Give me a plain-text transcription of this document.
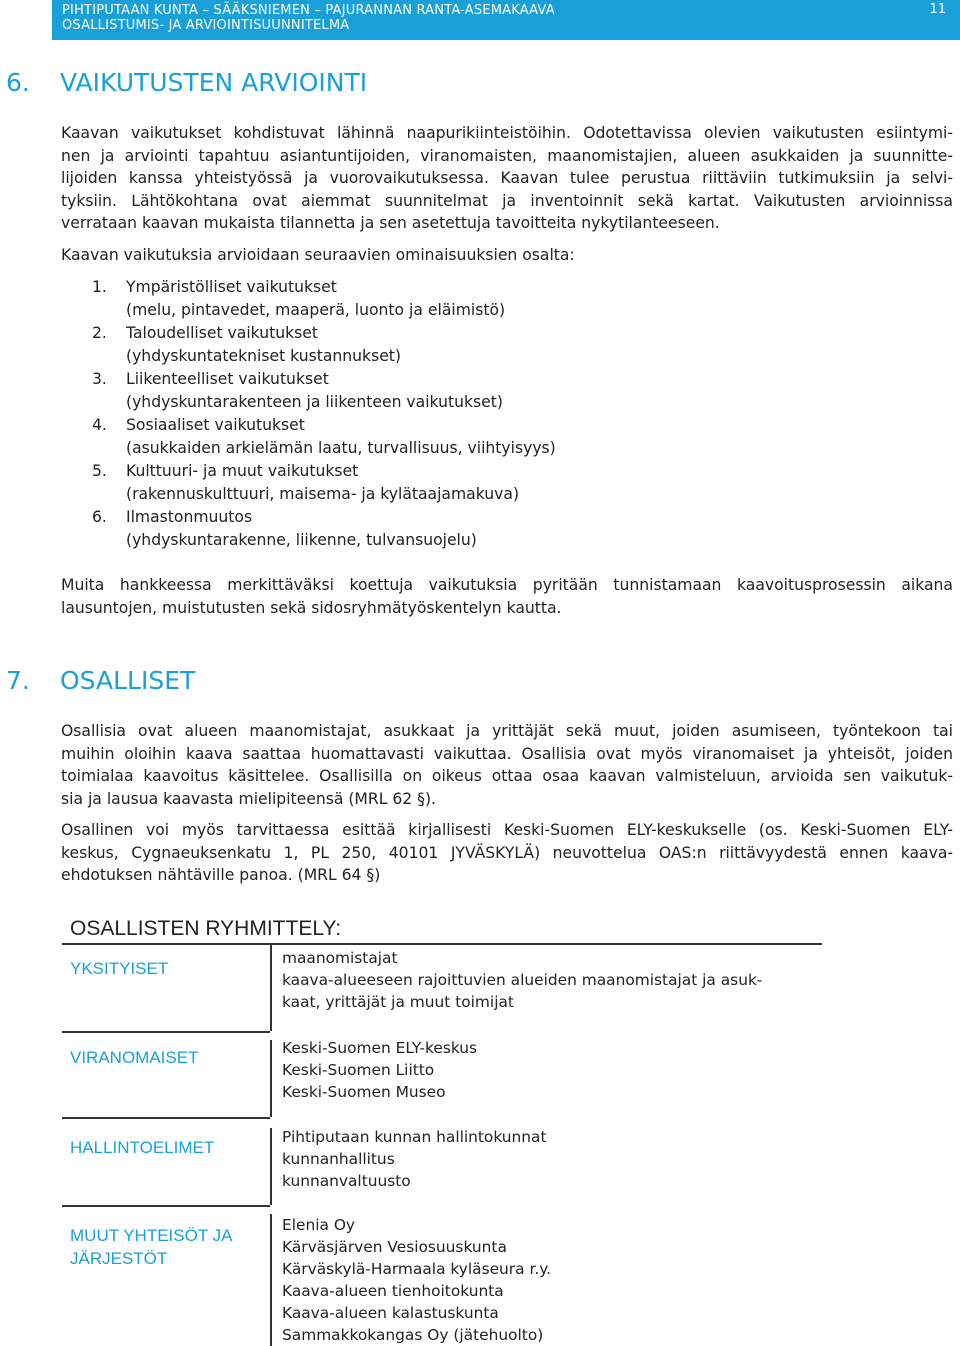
PIHTIPUTAAN KUNTA – SÄÄKSNIEMEN – PAJURANNAN RANTA-ASEMAKAAVA
OSALLISTUMIS- JA ARVIOINTISUUNNITELMA
11
6. VAIKUTUSTEN ARVIOINTI
Kaavan vaikutukset kohdistuvat lähinnä naapurikiinteistöihin. Odotettavissa olevien vaikutusten esiintymi-
nen ja arviointi tapahtuu asiantuntijoiden, viranomaisten, maanomistajien, alueen asukkaiden ja suunnitte-
lijoiden kanssa yhteistyössä ja vuorovaikutuksessa. Kaavan tulee perustua riittäviin tutkimuksiin ja selvi-
tyksiin. Lähtökohtana ovat aiemmat suunnitelmat ja inventoinnit sekä kartat. Vaikutusten arvioinnissa
verrataan kaavan mukaista tilannetta ja sen asetettuja tavoitteita nykytilanteeseen.
Kaavan vaikutuksia arvioidaan seuraavien ominaisuuksien osalta:
1. Ympäristölliset vaikutukset
(melu, pintavedet, maaperä, luonto ja eläimistö)
2. Taloudelliset vaikutukset
(yhdyskuntatekniset kustannukset)
3. Liikenteelliset vaikutukset
(yhdyskuntarakenteen ja liikenteen vaikutukset)
4. Sosiaaliset vaikutukset
(asukkaiden arkielämän laatu, turvallisuus, viihtyisyys)
5. Kulttuuri- ja muut vaikutukset
(rakennuskulttuuri, maisema- ja kylätaajamakuva)
6. Ilmastonmuutos
(yhdyskuntarakenne, liikenne, tulvansuojelu)
Muita hankkeessa merkittäväksi koettuja vaikutuksia pyritään tunnistamaan kaavoitusprosessin aikana
lausuntojen, muistutusten sekä sidosryhmätyöskentelyn kautta.
7. OSALLISET
Osallisia ovat alueen maanomistajat, asukkaat ja yrittäjät sekä muut, joiden asumiseen, työntekoon tai
muihin oloihin kaava saattaa huomattavasti vaikuttaa. Osallisia ovat myös viranomaiset ja yhteisöt, joiden
toimialaa kaavoitus käsittelee. Osallisilla on oikeus ottaa osaa kaavan valmisteluun, arvioida sen vaikutuk-
sia ja lausua kaavasta mielipiteensä (MRL 62 §).
Osallinen voi myös tarvittaessa esittää kirjallisesti Keski-Suomen ELY-keskukselle (os. Keski-Suomen ELY-
keskus, Cygnaeuksenkatu 1, PL 250, 40101 JYVÄSKYLÄ) neuvottelua OAS:n riittävyydestä ennen kaava-
ehdotuksen nähtäville panoa. (MRL 64 §)
OSALLISTEN RYHMITTELY:
YKSITYISET
maanomistajat
kaava-alueeseen rajoittuvien alueiden maanomistajat ja asuk-
kaat, yrittäjät ja muut toimijat
VIRANOMAISET	Keski-Suomen ELY-keskus
Keski-Suomen Liitto
Keski-Suomen Museo
HALLINTOELIMET
Pihtiputaan kunnan hallintokunnat
kunnanhallitus
kunnanvaltuusto
MUUT YHTEISÖT JA
JÄRJESTÖT
Elenia Oy
Kärväsjärven Vesiosuuskunta
Kärväskylä-Harmaala kyläseura r.y.
Kaava-alueen tienhoitokunta
Kaava-alueen kalastuskunta
Sammakkokangas Oy (jätehuolto)
